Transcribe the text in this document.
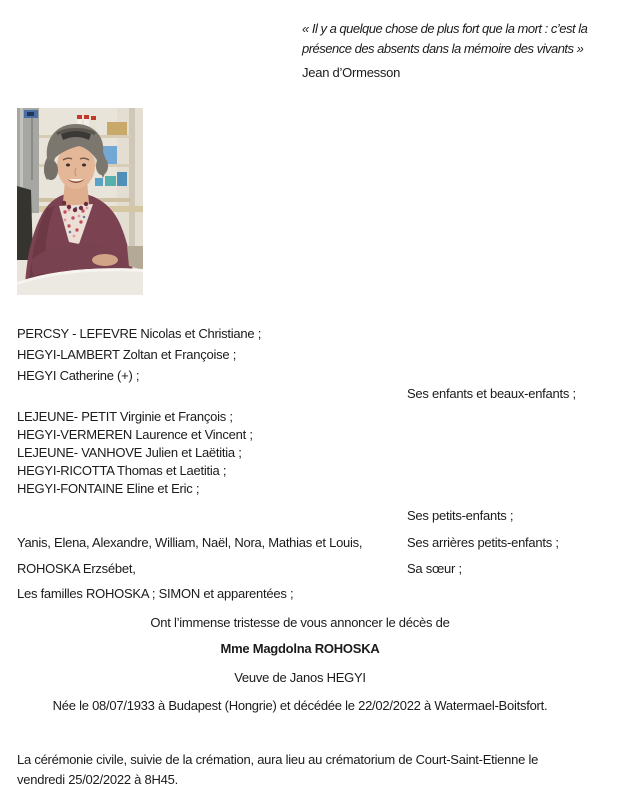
« Il y a quelque chose de plus fort que la mort : c’est la
présence des absents dans la mémoire des vivants »
Jean d’Ormesson
PERCSY - LEFEVRE Nicolas et Christiane ;
HEGYI-LAMBERT Zoltan et Françoise ;
HEGYI Catherine (+) ;
Ses enfants et beaux-enfants ;
LEJEUNE- PETIT Virginie et François ;
HEGYI-VERMEREN Laurence et Vincent ;
LEJEUNE- VANHOVE Julien et Laëtitia ;
HEGYI-RICOTTA Thomas et Laetitia ;
HEGYI-FONTAINE Eline et Eric ;
Ses petits-enfants ;
Yanis, Elena, Alexandre, William, Naël, Nora, Mathias et Louis,	Ses arrières petits-enfants ;
ROHOSKA Erzsébet,	Sa sœur ;
Les familles ROHOSKA ; SIMON et apparentées ;
Ont l’immense tristesse de vous annoncer le décès de
Mme Magdolna ROHOSKA
Veuve de Janos HEGYI
Née le 08/07/1933 à Budapest (Hongrie) et décédée le 22/02/2022 à Watermael-Boitsfort.
La cérémonie civile, suivie de la crémation, aura lieu au crématorium de Court-Saint-Etienne le
vendredi 25/02/2022 à 8H45.
